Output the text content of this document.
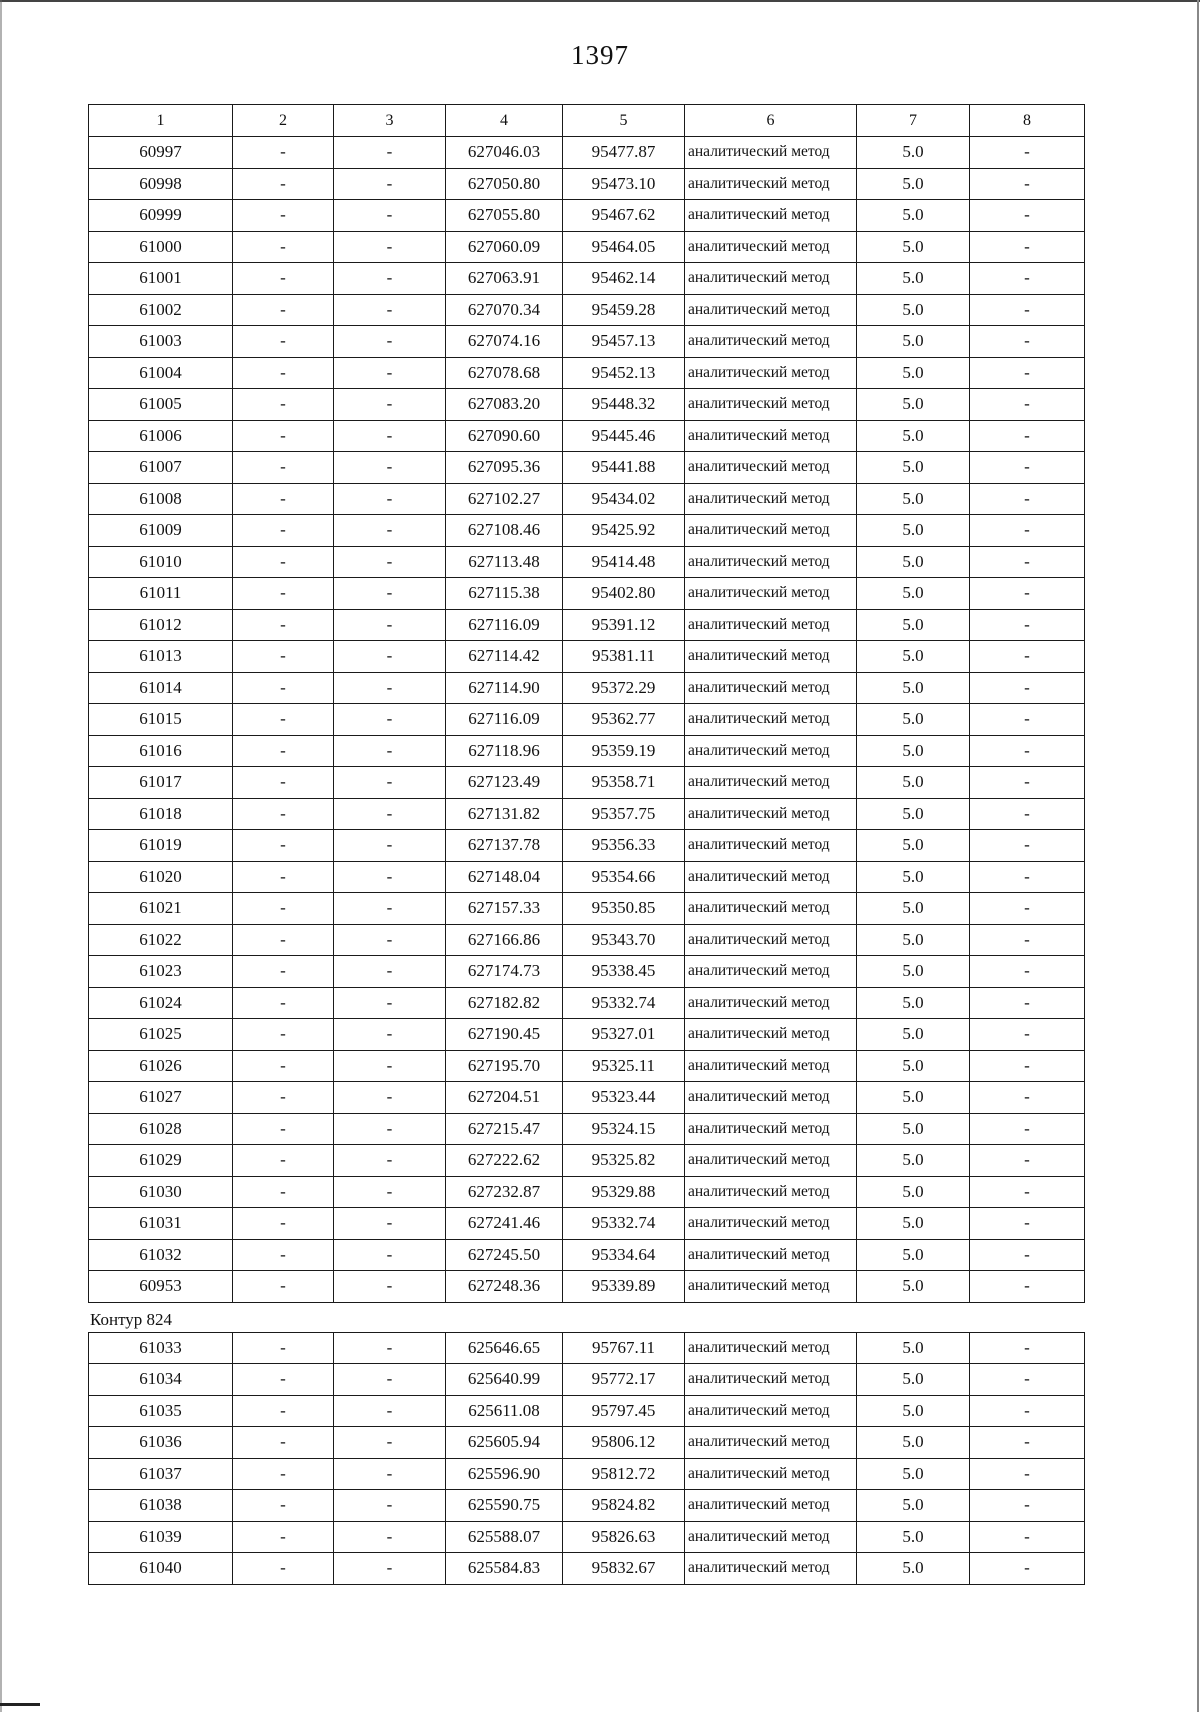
1397
1	2	3	4	5	6	7	8
60997	-	-	627046.03	95477.87	аналитический метод	5.0	-
60998	-	-	627050.80	95473.10	аналитический метод	5.0	-
60999	-	-	627055.80	95467.62	аналитический метод	5.0	-
61000	-	-	627060.09	95464.05	аналитический метод	5.0	-
61001	-	-	627063.91	95462.14	аналитический метод	5.0	-
61002	-	-	627070.34	95459.28	аналитический метод	5.0	-
61003	-	-	627074.16	95457.13	аналитический метод	5.0	-
61004	-	-	627078.68	95452.13	аналитический метод	5.0	-
61005	-	-	627083.20	95448.32	аналитический метод	5.0	-
61006	-	-	627090.60	95445.46	аналитический метод	5.0	-
61007	-	-	627095.36	95441.88	аналитический метод	5.0	-
61008	-	-	627102.27	95434.02	аналитический метод	5.0	-
61009	-	-	627108.46	95425.92	аналитический метод	5.0	-
61010	-	-	627113.48	95414.48	аналитический метод	5.0	-
61011	-	-	627115.38	95402.80	аналитический метод	5.0	-
61012	-	-	627116.09	95391.12	аналитический метод	5.0	-
61013	-	-	627114.42	95381.11	аналитический метод	5.0	-
61014	-	-	627114.90	95372.29	аналитический метод	5.0	-
61015	-	-	627116.09	95362.77	аналитический метод	5.0	-
61016	-	-	627118.96	95359.19	аналитический метод	5.0	-
61017	-	-	627123.49	95358.71	аналитический метод	5.0	-
61018	-	-	627131.82	95357.75	аналитический метод	5.0	-
61019	-	-	627137.78	95356.33	аналитический метод	5.0	-
61020	-	-	627148.04	95354.66	аналитический метод	5.0	-
61021	-	-	627157.33	95350.85	аналитический метод	5.0	-
61022	-	-	627166.86	95343.70	аналитический метод	5.0	-
61023	-	-	627174.73	95338.45	аналитический метод	5.0	-
61024	-	-	627182.82	95332.74	аналитический метод	5.0	-
61025	-	-	627190.45	95327.01	аналитический метод	5.0	-
61026	-	-	627195.70	95325.11	аналитический метод	5.0	-
61027	-	-	627204.51	95323.44	аналитический метод	5.0	-
61028	-	-	627215.47	95324.15	аналитический метод	5.0	-
61029	-	-	627222.62	95325.82	аналитический метод	5.0	-
61030	-	-	627232.87	95329.88	аналитический метод	5.0	-
61031	-	-	627241.46	95332.74	аналитический метод	5.0	-
61032	-	-	627245.50	95334.64	аналитический метод	5.0	-
60953	-	-	627248.36	95339.89	аналитический метод	5.0	-
Контур 824
61033	-	-	625646.65	95767.11	аналитический метод	5.0	-
61034	-	-	625640.99	95772.17	аналитический метод	5.0	-
61035	-	-	625611.08	95797.45	аналитический метод	5.0	-
61036	-	-	625605.94	95806.12	аналитический метод	5.0	-
61037	-	-	625596.90	95812.72	аналитический метод	5.0	-
61038	-	-	625590.75	95824.82	аналитический метод	5.0	-
61039	-	-	625588.07	95826.63	аналитический метод	5.0	-
61040	-	-	625584.83	95832.67	аналитический метод	5.0	-
